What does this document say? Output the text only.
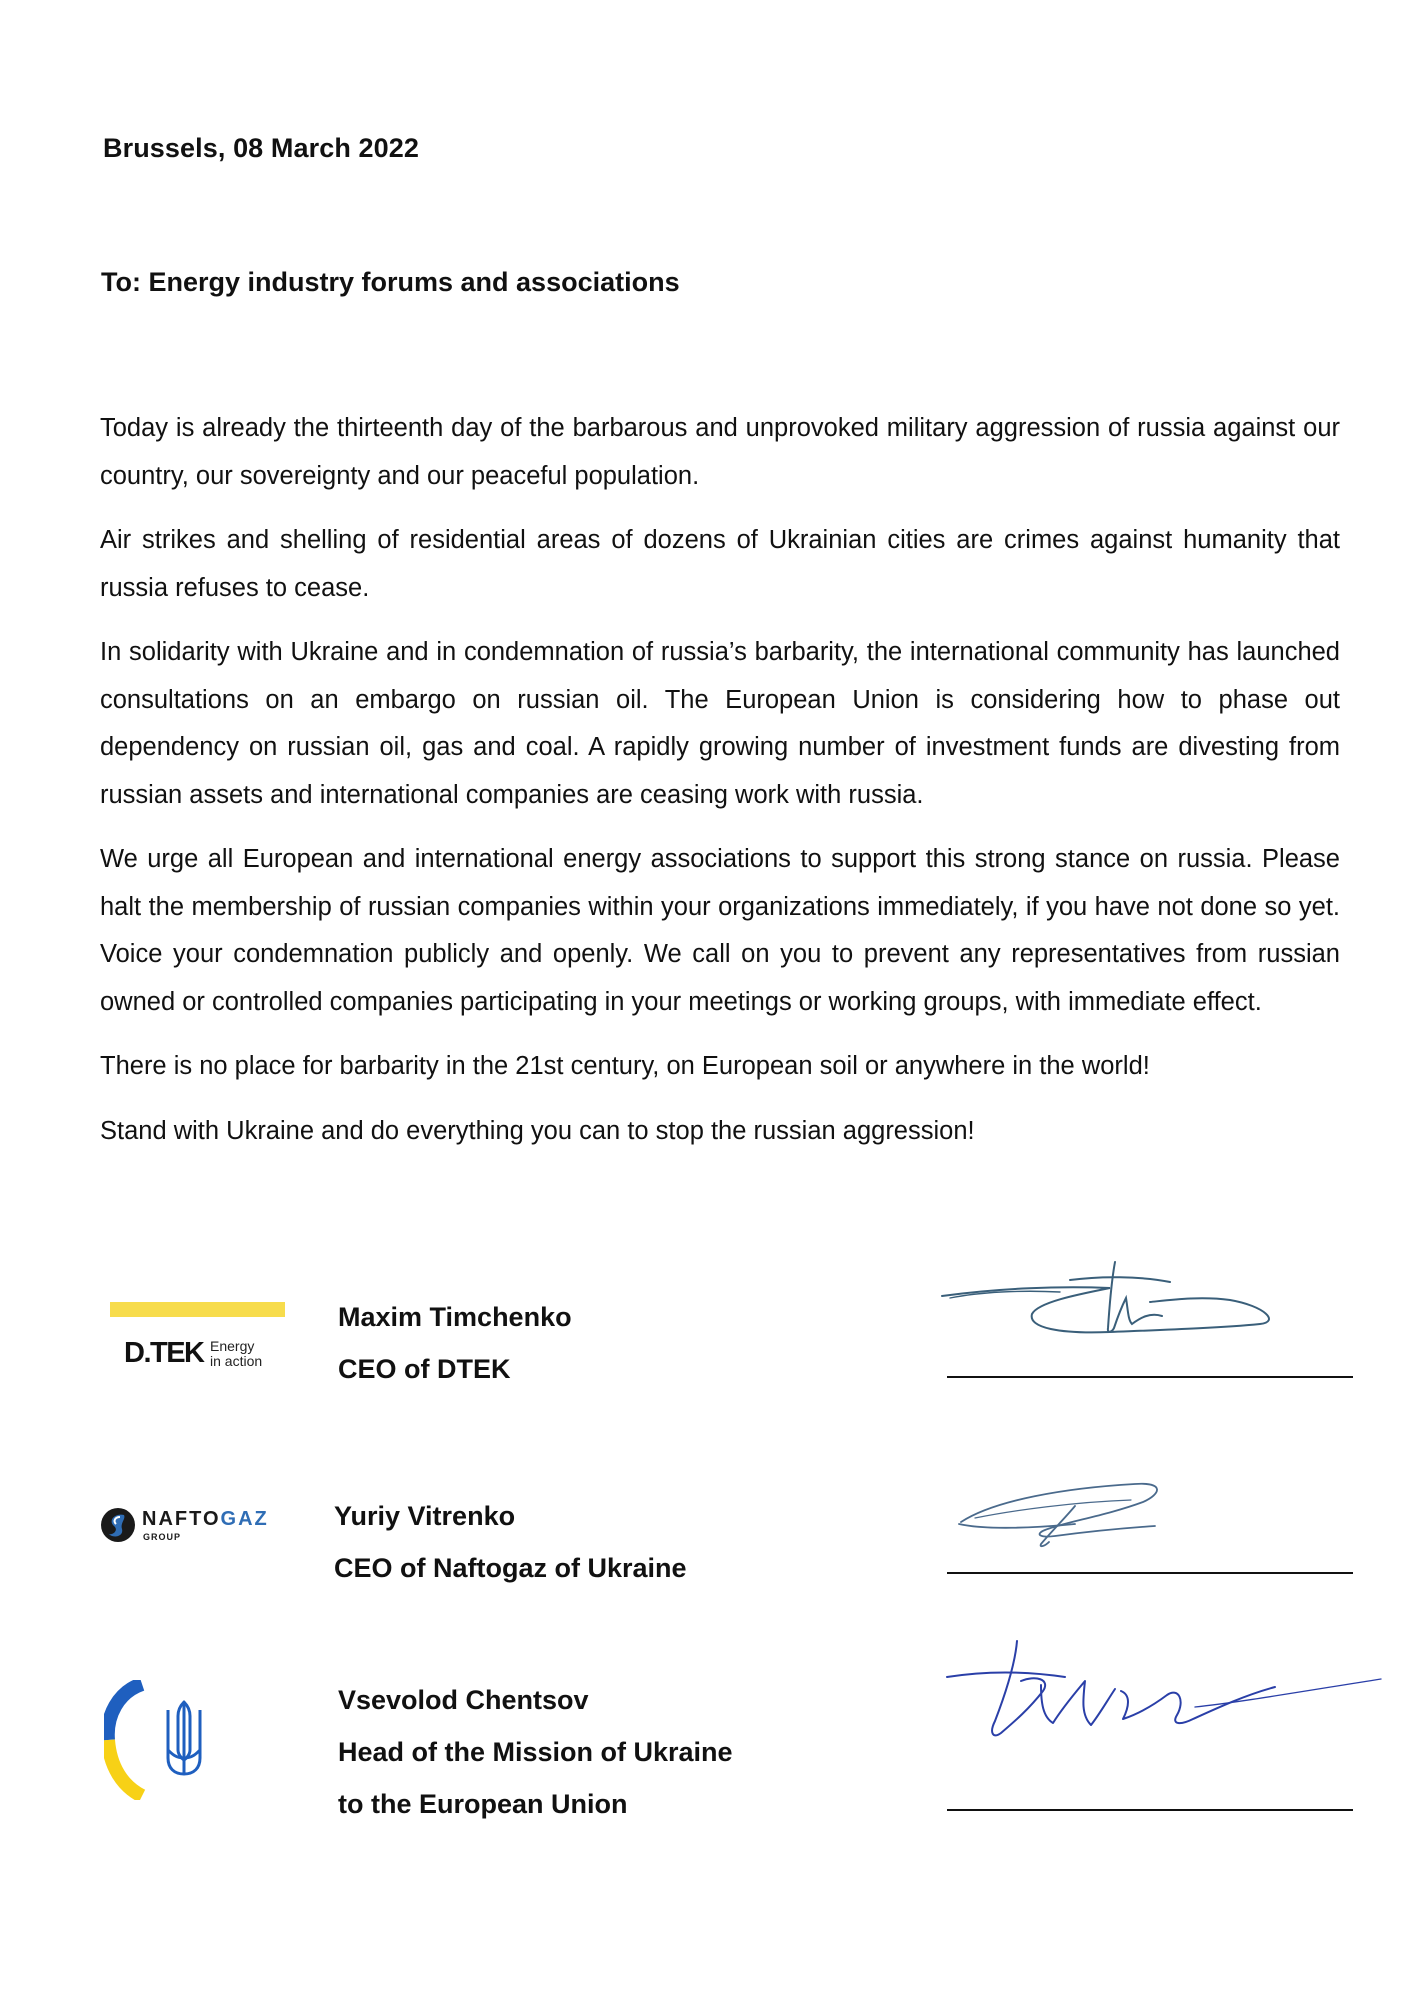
Brussels, 08 March 2022
To: Energy industry forums and associations

Today is already the thirteenth day of the barbarous and unprovoked military aggression of russia against our country, our sovereignty and our peaceful population.

Air strikes and shelling of residential areas of dozens of Ukrainian cities are crimes against humanity that russia refuses to cease.

In solidarity with Ukraine and in condemnation of russia’s barbarity, the international community has launched consultations on an embargo on russian oil. The European Union is considering how to phase out dependency on russian oil, gas and coal. A rapidly growing number of investment funds are divesting from russian assets and international companies are ceasing work with russia.

We urge all European and international energy associations to support this strong stance on russia. Please halt the membership of russian companies within your organizations immediately, if you have not done so yet. Voice your condemnation publicly and openly. We call on you to prevent any representatives from russian owned or controlled companies participating in your meetings or working groups, with immediate effect.

There is no place for barbarity in the 21st century, on European soil or anywhere in the world!

Stand with Ukraine and do everything you can to stop the russian aggression!

D.TEK Energy
in action
Maxim Timchenko
CEO of DTEK
NAFTOGAZ
GROUP
Yuriy Vitrenko
CEO of Naftogaz of Ukraine
Vsevolod Chentsov
Head of the Mission of Ukraine
to the European Union
